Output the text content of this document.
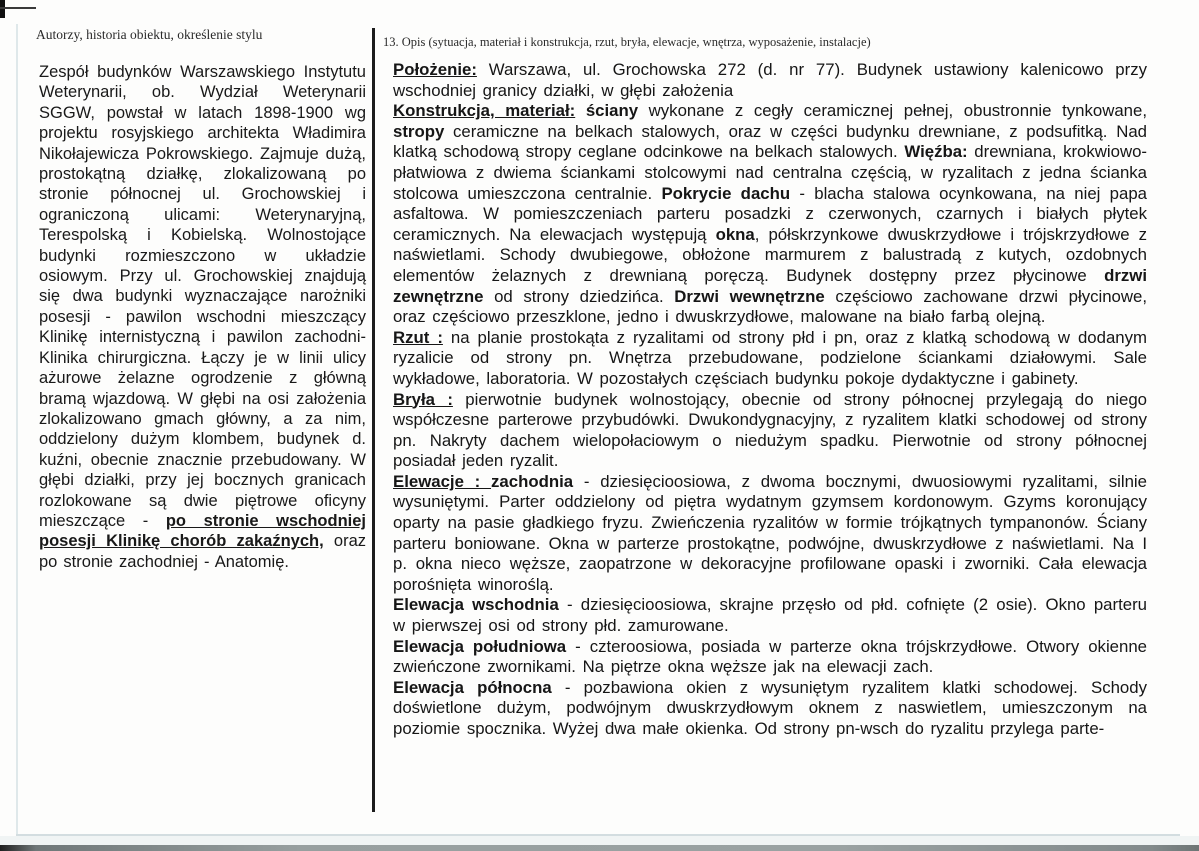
Autorzy, historia obiektu, określenie stylu	13. Opis (sytuacja, materiał i konstrukcja, rzut, bryła, elewacje, wnętrza, wyposażenie, instalacje)
Zespół budynków Warszawskiego Instytutu Weterynarii, ob. Wydział Weterynarii SGGW, powstał w latach 1898-1900 wg projektu rosyjskiego architekta Władimira Nikołajewicza Pokrowskiego. Zajmuje dużą, prostokątną działkę, zlokalizowaną po stronie północnej ul. Grochowskiej i ograniczoną ulicami: Weterynaryjną, Terespolską i Kobielską. Wolnostojące budynki rozmieszczono w układzie osiowym. Przy ul. Grochowskiej znajdują się dwa budynki wyznaczające narożniki posesji - pawilon wschodni mieszczący Klinikę internistyczną i pawilon zachodni- Klinika chirurgiczna. Łączy je w linii ulicy ażurowe żelazne ogrodzenie z główną bramą wjazdową. W głębi na osi założenia zlokalizowano gmach główny, a za nim, oddzielony dużym klombem, budynek d. kuźni, obecnie znacznie przebudowany. W głębi działki, przy jej bocznych granicach rozlokowane są dwie piętrowe oficyny mieszczące - po stronie wschodniej posesji Klinikę chorób zakaźnych, oraz po stronie zachodniej - Anatomię.
Położenie: Warszawa, ul. Grochowska 272 (d. nr 77). Budynek ustawiony kalenicowo przy wschodniej granicy działki, w głębi założenia
Konstrukcja, materiał: ściany wykonane z cegły ceramicznej pełnej, obustronnie tynkowane, stropy ceramiczne na belkach stalowych, oraz w części budynku drewniane, z podsufitką. Nad klatką schodową stropy ceglane odcinkowe na belkach stalowych. Więźba: drewniana, krokwiowo- płatwiowa z dwiema ściankami stolcowymi nad centralna częścią, w ryzalitach z jedna ścianka stolcowa umieszczona centralnie. Pokrycie dachu - blacha stalowa ocynkowana, na niej papa asfaltowa. W pomieszczeniach parteru posadzki z czerwonych, czarnych i białych płytek ceramicznych. Na elewacjach występują okna, półskrzynkowe dwuskrzydłowe i trójskrzydłowe z naświetlami. Schody dwubiegowe, obłożone marmurem z balustradą z kutych, ozdobnych elementów żelaznych z drewnianą poręczą. Budynek dostępny przez płycinowe drzwi zewnętrzne od strony dziedzińca. Drzwi wewnętrzne częściowo zachowane drzwi płycinowe, oraz częściowo przeszklone, jedno i dwuskrzydłowe, malowane na biało farbą olejną.
Rzut : na planie prostokąta z ryzalitami od strony płd i pn, oraz z klatką schodową w dodanym ryzalicie od strony pn. Wnętrza przebudowane, podzielone ściankami działowymi. Sale wykładowe, laboratoria. W pozostałych częściach budynku pokoje dydaktyczne i gabinety.
Bryła : pierwotnie budynek wolnostojący, obecnie od strony północnej przylegają do niego współczesne parterowe przybudówki. Dwukondygnacyjny, z ryzalitem klatki schodowej od strony pn. Nakryty dachem wielopołaciowym o niedużym spadku. Pierwotnie od strony północnej posiadał jeden ryzalit.
Elewacje : zachodnia - dziesięcioosiowa, z dwoma bocznymi, dwuosiowymi ryzalitami, silnie wysuniętymi. Parter oddzielony od piętra wydatnym gzymsem kordonowym. Gzyms koronujący oparty na pasie gładkiego fryzu. Zwieńczenia ryzalitów w formie trójkątnych tympanonów. Ściany parteru boniowane. Okna w parterze prostokątne, podwójne, dwuskrzydłowe z naświetlami. Na I p. okna nieco węższe, zaopatrzone w dekoracyjne profilowane opaski i zworniki. Cała elewacja porośnięta winoroślą.
Elewacja wschodnia - dziesięcioosiowa, skrajne przęsło od płd. cofnięte (2 osie). Okno parteru w pierwszej osi od strony płd. zamurowane.
Elewacja południowa - czteroosiowa, posiada w parterze okna trójskrzydłowe. Otwory okienne zwieńczone zwornikami. Na piętrze okna węższe jak na elewacji zach.
Elewacja północna - pozbawiona okien z wysuniętym ryzalitem klatki schodowej. Schody doświetlone dużym, podwójnym dwuskrzydłowym oknem z naswietlem, umieszczonym na poziomie spocznika. Wyżej dwa małe okienka. Od strony pn-wsch do ryzalitu przylega parte-
